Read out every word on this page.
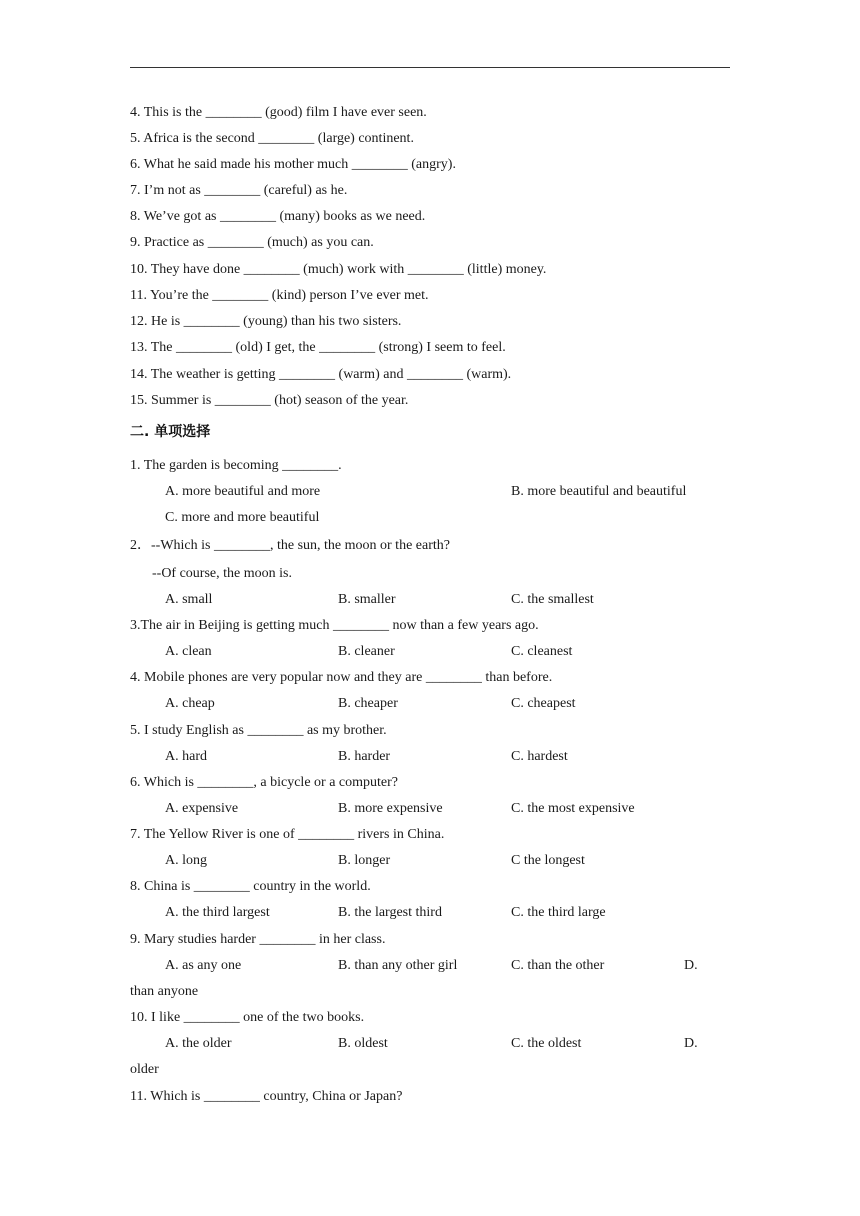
4. This is the ________ (good) film I have ever seen.
5. Africa is the second ________ (large) continent.
6. What he said made his mother much ________ (angry).
7. I’m not as ________ (careful) as he.
8. We’ve got as ________ (many) books as we need.
9. Practice as ________ (much) as you can.
10. They have done ________ (much) work with ________ (little) money.
11. You’re the ________ (kind) person I’ve ever met.
12. He is ________ (young) than his two sisters.
13. The ________ (old) I get, the ________ (strong) I seem to feel.
14. The weather is getting ________ (warm) and ________ (warm).
15. Summer is ________ (hot) season of the year.
二. 单项选择
1. The garden is becoming ________.
A. more beautiful and more	B. more beautiful and beautiful
C. more and more beautiful
2．--Which is ________, the sun, the moon or the earth?
--Of course, the moon is.
A. small	B. smaller	C. the smallest
3.The air in Beijing is getting much ________ now than a few years ago.
A. clean	B. cleaner	C. cleanest
4. Mobile phones are very popular now and they are ________ than before.
A. cheap	B. cheaper	C. cheapest
5. I study English as ________ as my brother.
A. hard	B. harder	C. hardest
6. Which is ________, a bicycle or a computer?
A. expensive	B. more expensive	C. the most expensive
7. The Yellow River is one of ________ rivers in China.
A. long	B. longer	C the longest
8. China is ________ country in the world.
A. the third largest	B. the largest third	C. the third large
9. Mary studies harder ________ in her class.
A. as any one	B. than any other girl	C. than the other	D.
than anyone
10. I like ________ one of the two books.
A. the older	B. oldest	C. the oldest	D.
older
11. Which is ________ country, China or Japan?
